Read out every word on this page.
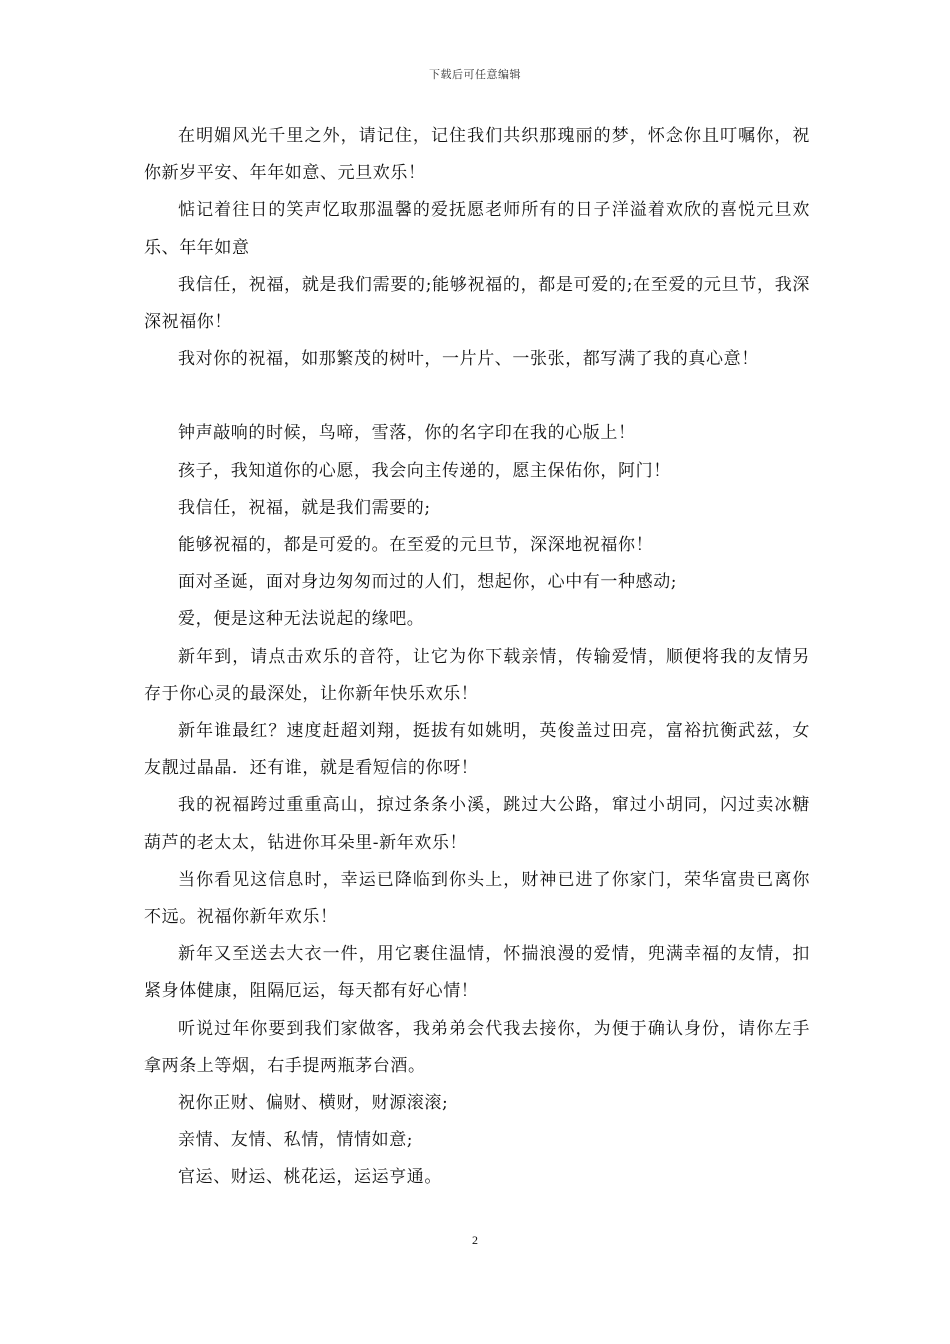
下载后可任意编辑

在明媚风光千里之外，请记住，记住我们共织那瑰丽的梦，怀念你且叮嘱你，祝你新岁平安、年年如意、元旦欢乐！

惦记着往日的笑声忆取那温馨的爱抚愿老师所有的日子洋溢着欢欣的喜悦元旦欢乐、年年如意

我信任，祝福，就是我们需要的;能够祝福的，都是可爱的;在至爱的元旦节，我深深祝福你！

我对你的祝福，如那繁茂的树叶，一片片、一张张，都写满了我的真心意！

钟声敲响的时候，鸟啼，雪落，你的名字印在我的心版上！

孩子，我知道你的心愿，我会向主传递的，愿主保佑你，阿门！

我信任，祝福，就是我们需要的;

能够祝福的，都是可爱的。在至爱的元旦节，深深地祝福你！

面对圣诞，面对身边匆匆而过的人们，想起你，心中有一种感动;

爱，便是这种无法说起的缘吧。

新年到，请点击欢乐的音符，让它为你下载亲情，传输爱情，顺便将我的友情另存于你心灵的最深处，让你新年快乐欢乐！

新年谁最红？速度赶超刘翔，挺拔有如姚明，英俊盖过田亮，富裕抗衡武兹，女友靓过晶晶．还有谁，就是看短信的你呀！

我的祝福跨过重重高山，掠过条条小溪，跳过大公路，窜过小胡同，闪过卖冰糖葫芦的老太太，钻进你耳朵里-新年欢乐！

当你看见这信息时，幸运已降临到你头上，财神已进了你家门，荣华富贵已离你不远。祝福你新年欢乐！

新年又至送去大衣一件，用它裹住温情，怀揣浪漫的爱情，兜满幸福的友情，扣紧身体健康，阻隔厄运，每天都有好心情！

听说过年你要到我们家做客，我弟弟会代我去接你，为便于确认身份，请你左手拿两条上等烟，右手提两瓶茅台酒。

祝你正财、偏财、横财，财源滚滚;

亲情、友情、私情，情情如意;

官运、财运、桃花运，运运亨通。

2
